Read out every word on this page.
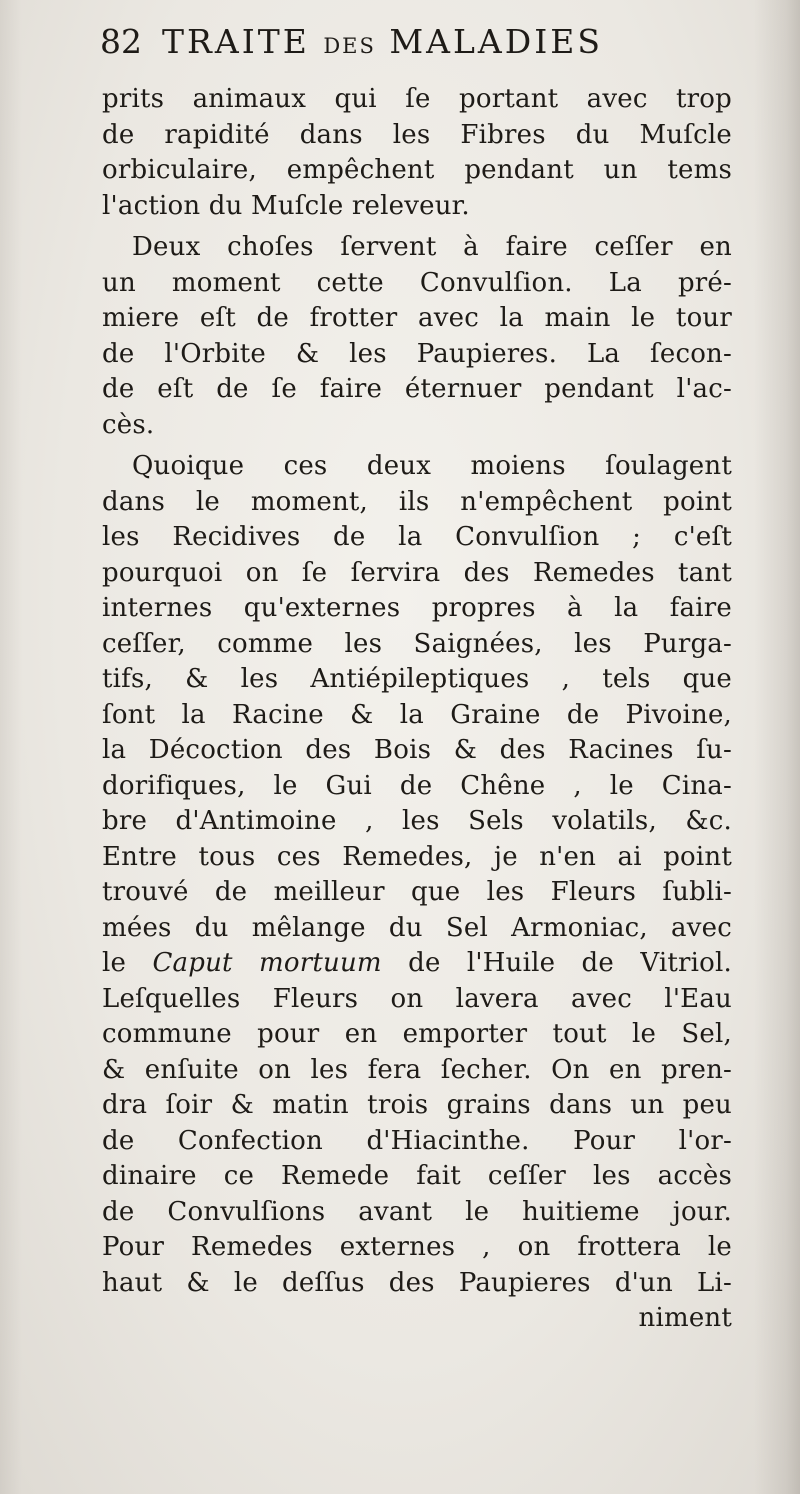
82 TRAITE DES MALADIES
prits animaux qui ſe portant avec trop
de rapidité dans les Fibres du Muſcle
orbiculaire, empêchent pendant un tems
l'action du Muſcle releveur.
Deux choſes ſervent à faire ceſſer en
un moment cette Convulſion. La pré-
miere eſt de frotter avec la main le tour
de l'Orbite & les Paupieres. La ſecon-
de eſt de ſe faire éternuer pendant l'ac-
cès.
Quoique ces deux moiens ſoulagent
dans le moment, ils n'empêchent point
les Recidives de la Convulſion ; c'eſt
pourquoi on ſe ſervira des Remedes tant
internes qu'externes propres à la faire
ceſſer, comme les Saignées, les Purga-
tifs, & les Antiépileptiques , tels que
ſont la Racine & la Graine de Pivoine,
la Décoction des Bois & des Racines ſu-
dorifiques, le Gui de Chêne , le Cina-
bre d'Antimoine , les Sels volatils, &c.
Entre tous ces Remedes, je n'en ai point
trouvé de meilleur que les Fleurs ſubli-
mées du mêlange du Sel Armoniac, avec
le Caput mortuum de l'Huile de Vitriol.
Leſquelles Fleurs on lavera avec l'Eau
commune pour en emporter tout le Sel,
& enſuite on les fera ſecher. On en pren-
dra ſoir & matin trois grains dans un peu
de Confection d'Hiacinthe. Pour l'or-
dinaire ce Remede fait ceſſer les accès
de Convulſions avant le huitieme jour.
Pour Remedes externes , on frottera le
haut & le deſſus des Paupieres d'un Li-
niment
